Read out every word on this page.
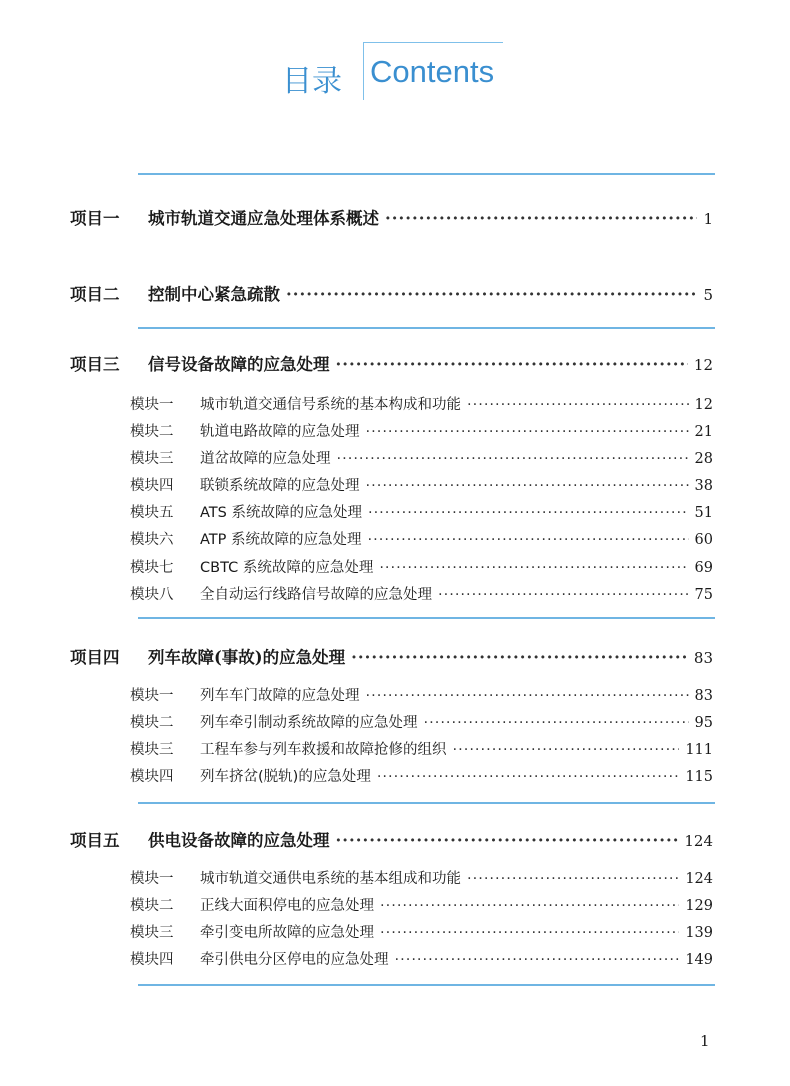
目录 Contents
项目一	城市轨道交通应急处理体系概述 ·····	1
项目二	控制中心紧急疏散 ·····	5
项目三	信号设备故障的应急处理 ·····	12
模块一	城市轨道交通信号系统的基本构成和功能 ·····	12
模块二	轨道电路故障的应急处理 ·····	21
模块三	道岔故障的应急处理 ·····	28
模块四	联锁系统故障的应急处理 ·····	38
模块五	ATS 系统故障的应急处理 ·····	51
模块六	ATP 系统故障的应急处理 ·····	60
模块七	CBTC 系统故障的应急处理 ·····	69
模块八	全自动运行线路信号故障的应急处理 ·····	75
项目四	列车故障(事故)的应急处理 ·····	83
模块一	列车车门故障的应急处理 ·····	83
模块二	列车牵引制动系统故障的应急处理 ·····	95
模块三	工程车参与列车救援和故障抢修的组织 ·····	111
模块四	列车挤岔(脱轨)的应急处理 ·····	115
项目五	供电设备故障的应急处理 ·····	124
模块一	城市轨道交通供电系统的基本组成和功能 ·····	124
模块二	正线大面积停电的应急处理 ·····	129
模块三	牵引变电所故障的应急处理 ·····	139
模块四	牵引供电分区停电的应急处理 ·····	149
1
